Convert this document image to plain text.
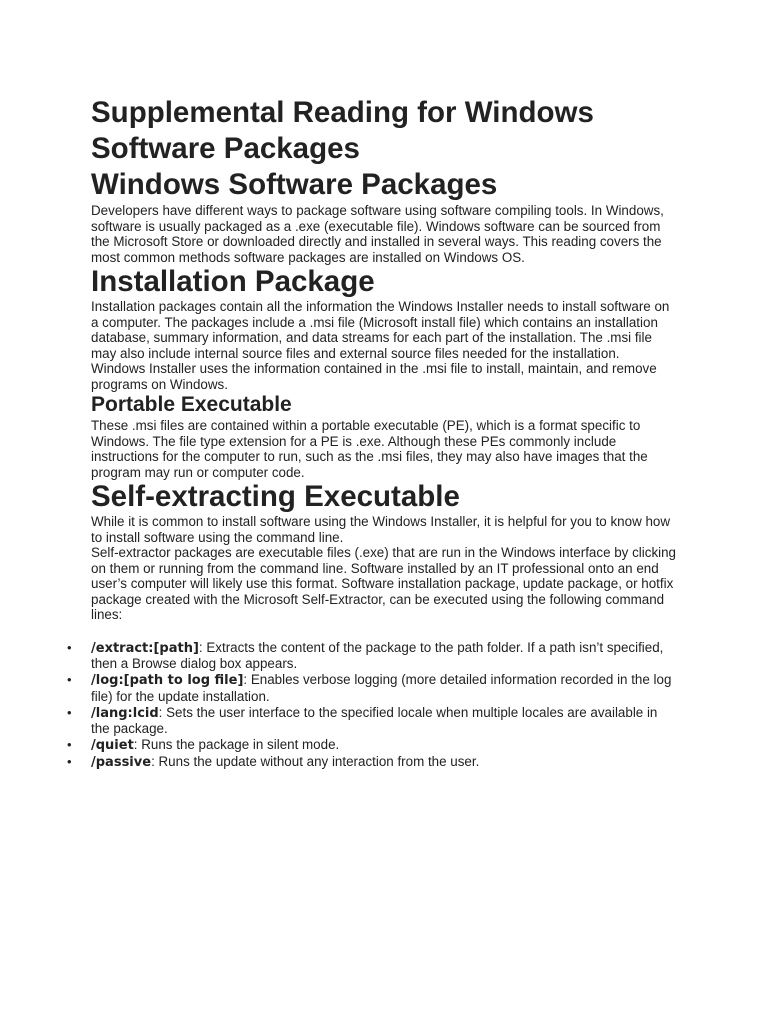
Supplemental Reading for Windows
Software Packages
Windows Software Packages

Developers have different ways to package software using software compiling tools. In Windows, software is usually packaged as a .exe (executable file). Windows software can be sourced from the Microsoft Store or downloaded directly and installed in several ways. This reading covers the most common methods software packages are installed on Windows OS.

Installation Package

Installation packages contain all the information the Windows Installer needs to install software on a computer. The packages include a .msi file (Microsoft install file) which contains an installation database, summary information, and data streams for each part of the installation. The .msi file may also include internal source files and external source files needed for the installation. Windows Installer uses the information contained in the .msi file to install, maintain, and remove programs on Windows.

Portable Executable

These .msi files are contained within a portable executable (PE), which is a format specific to Windows. The file type extension for a PE is .exe. Although these PEs commonly include instructions for the computer to run, such as the .msi files, they may also have images that the program may run or computer code.

Self-extracting Executable

While it is common to install software using the Windows Installer, it is helpful for you to know how to install software using the command line.

Self-extractor packages are executable files (.exe) that are run in the Windows interface by clicking on them or running from the command line. Software installed by an IT professional onto an end user’s computer will likely use this format. Software installation package, update package, or hotfix package created with the Microsoft Self-Extractor, can be executed using the following command lines:

• /extract:[path]: Extracts the content of the package to the path folder. If a path isn’t specified, then a Browse dialog box appears.
• /log:[path to log file]: Enables verbose logging (more detailed information recorded in the log file) for the update installation.
• /lang:lcid: Sets the user interface to the specified locale when multiple locales are available in the package.
• /quiet: Runs the package in silent mode.
• /passive: Runs the update without any interaction from the user.
